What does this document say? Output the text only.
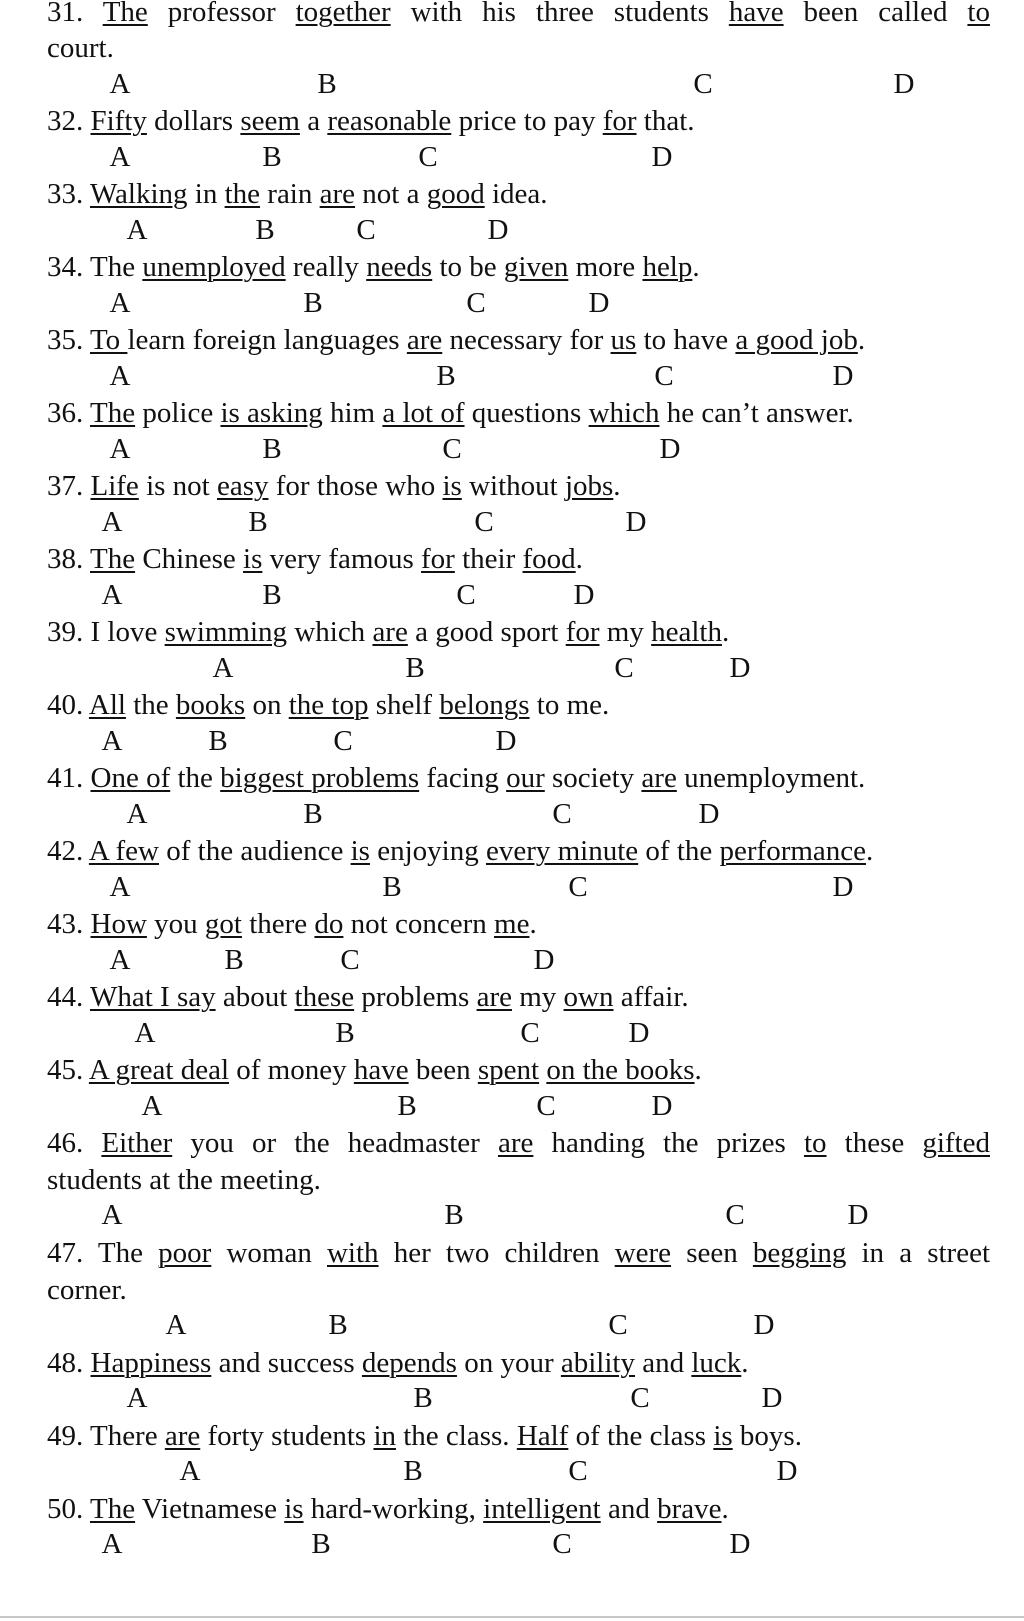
31. The professor together with his three students have been called to
court.
32. Fifty dollars seem a reasonable price to pay for that.
33. Walking in the rain are not a good idea.
34. The unemployed really needs to be given more help.
35. To learn foreign languages are necessary for us to have a good job.
36. The police is asking him a lot of questions which he can’t answer.
37. Life is not easy for those who is without jobs.
38. The Chinese is very famous for their food.
39. I love swimming which are a good sport for my health.
40. All the books on the top shelf belongs to me.
41. One of the biggest problems facing our society are unemployment.
42. A few of the audience is enjoying every minute of the performance.
43. How you got there do not concern me.
44. What I say about these problems are my own affair.
45. A great deal of money have been spent on the books.
46. Either you or the headmaster are handing the prizes to these gifted
students at the meeting.
47. The poor woman with her two children were seen begging in a street
corner.
48. Happiness and success depends on your ability and luck.
49. There are forty students in the class. Half of the class is boys.
50. The Vietnamese is hard-working, intelligent and brave.
A	B	C	D
A	B	C	D
A	B	C	D
A	B	C	D
A	B	C	D
A	B	C	D
A	B	C	D
A	B	C	D
A	B	C	D
A	B	C	D
A	B	C	D
A	B	C	D
A	B	C	D
A	B	C	D
A	B	C	D
A	B	C	D
A	B	C	D
A	B	C	D
A	B	C	D
A	B	C	D
